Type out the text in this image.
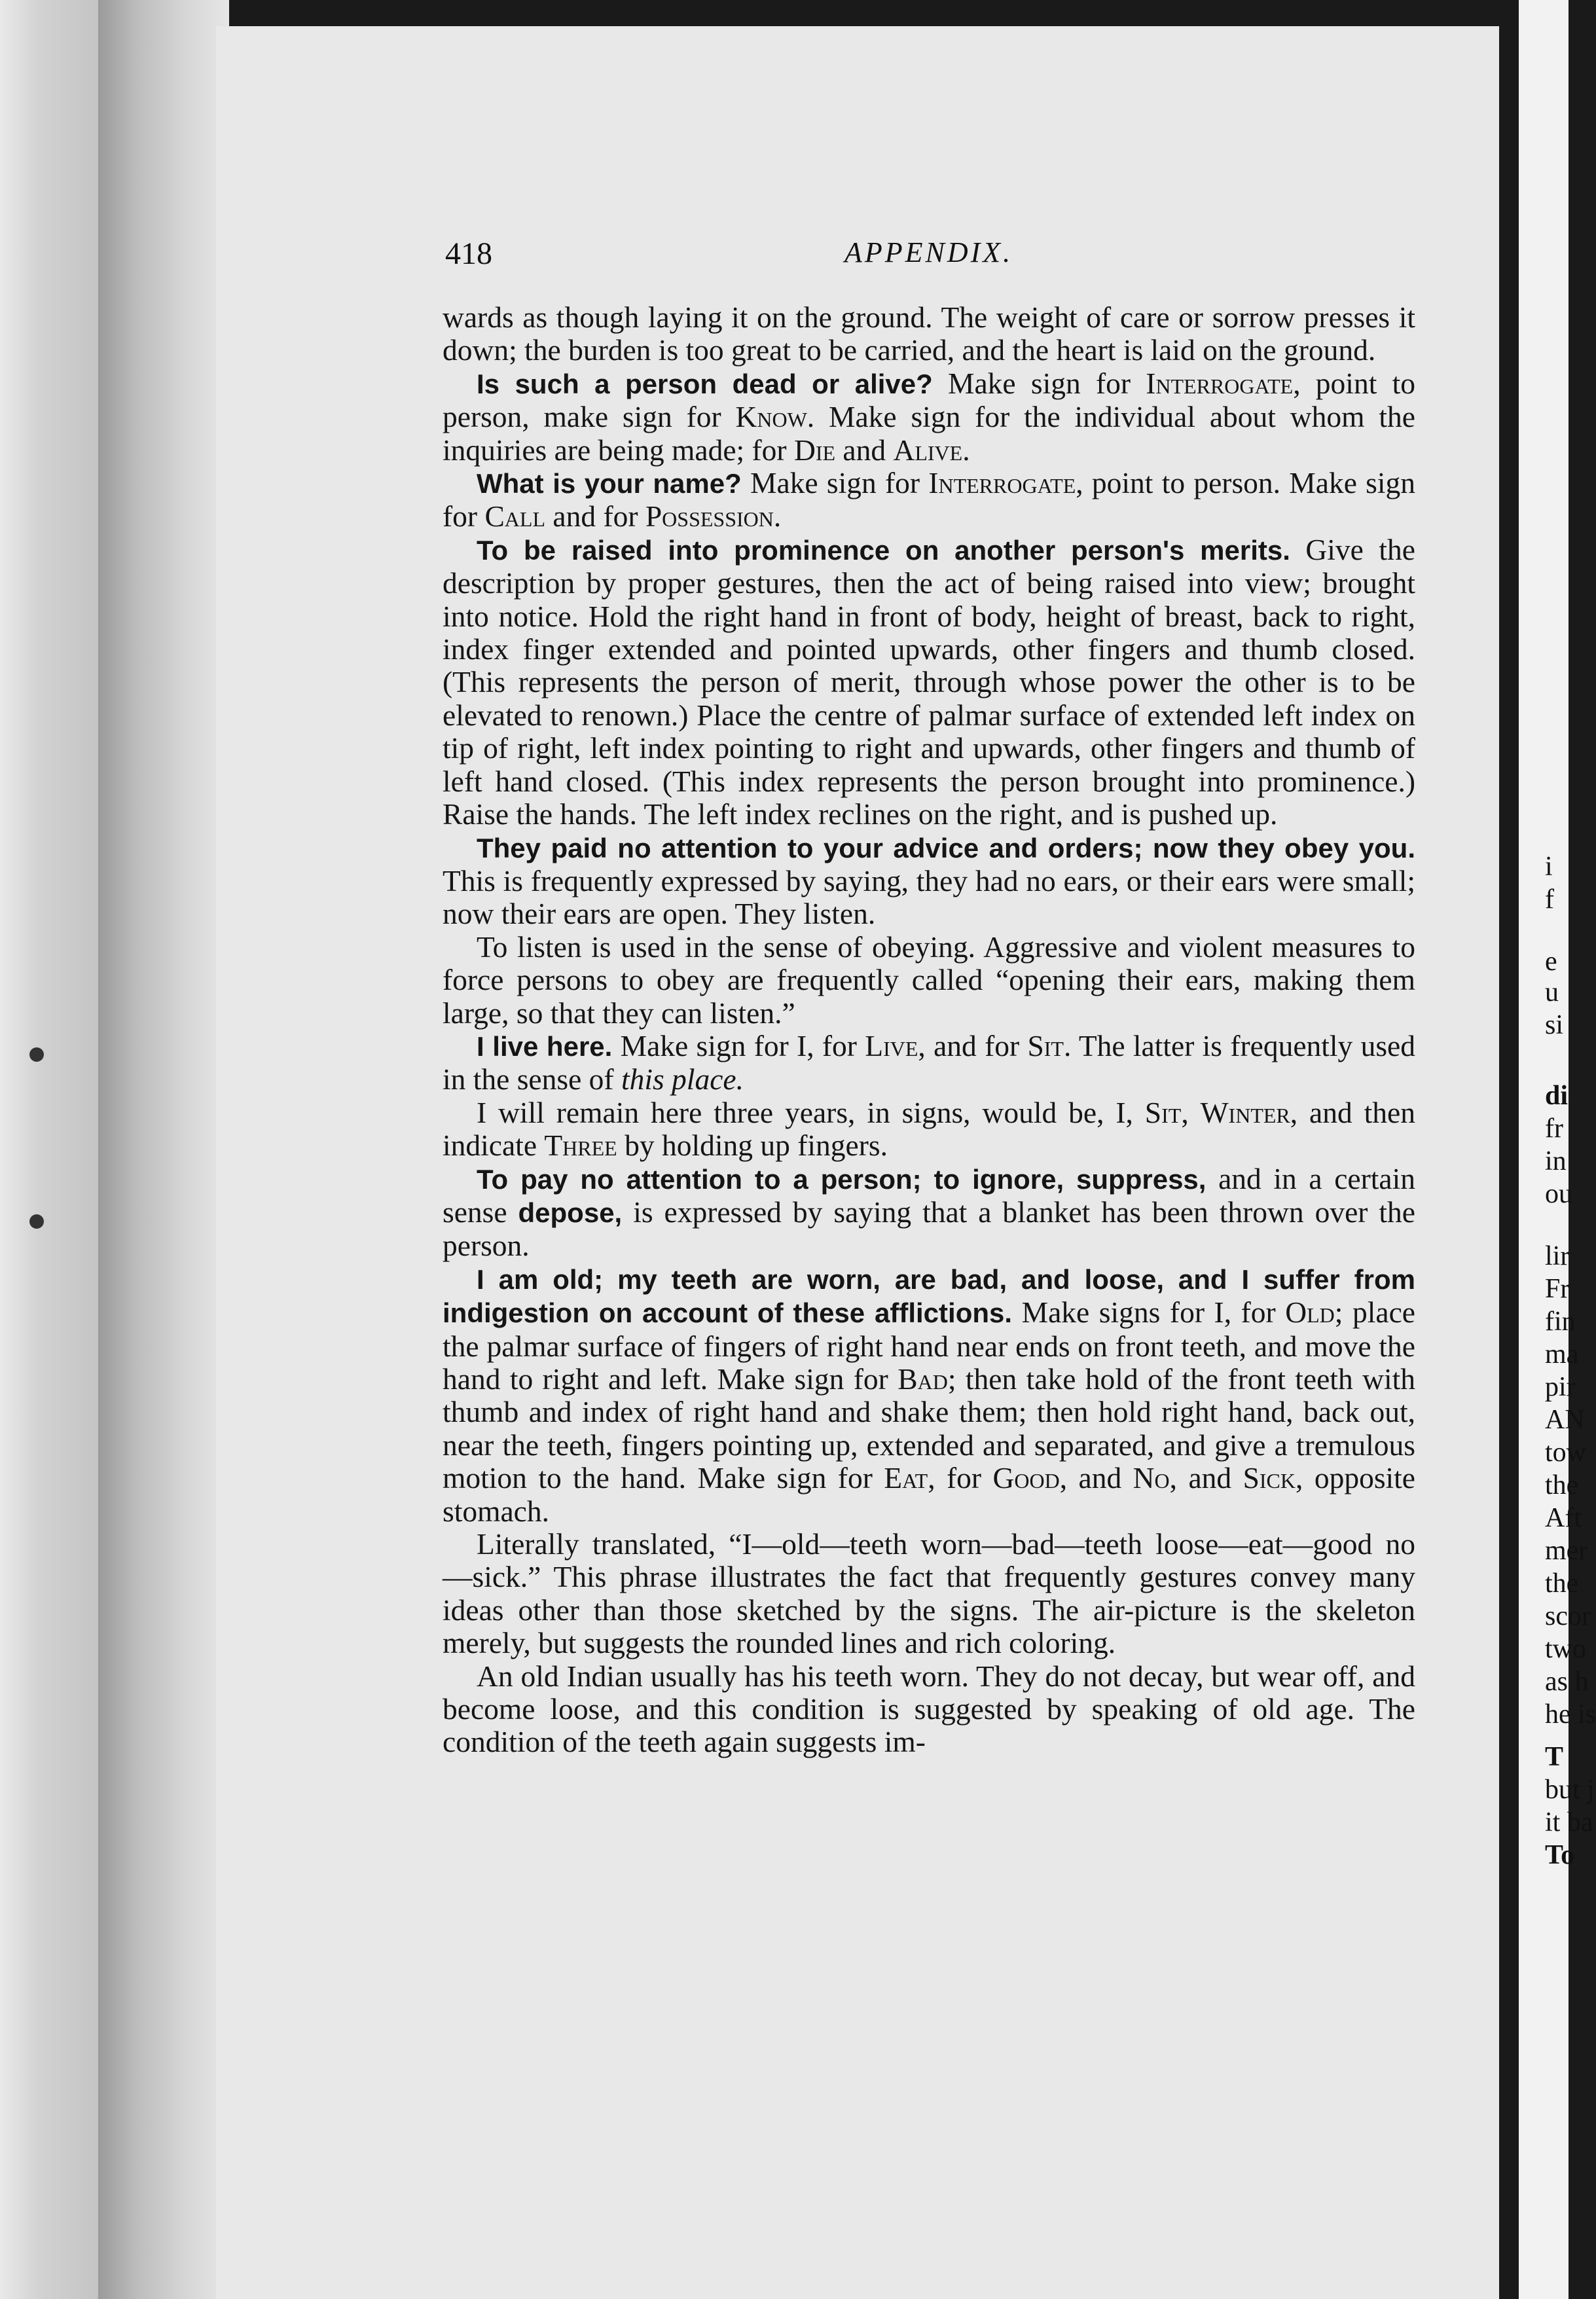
418	APPENDIX.

wards as though laying it on the ground. The weight of care or sorrow presses it down; the burden is too great to be carried, and the heart is laid on the ground.

Is such a person dead or alive? Make sign for Interrogate, point to person, make sign for Know. Make sign for the individual about whom the inquiries are being made; for Die and Alive.

What is your name? Make sign for Interrogate, point to person. Make sign for Call and for Possession.

To be raised into prominence on another person's merits. Give the description by proper gestures, then the act of being raised into view; brought into notice. Hold the right hand in front of body, height of breast, back to right, index finger extended and pointed upwards, other fingers and thumb closed. (This represents the person of merit, through whose power the other is to be elevated to renown.) Place the centre of palmar surface of extended left index on tip of right, left index pointing to right and upwards, other fingers and thumb of left hand closed. (This index represents the person brought into prominence.) Raise the hands. The left index reclines on the right, and is pushed up.

They paid no attention to your advice and orders; now they obey you. This is frequently expressed by saying, they had no ears, or their ears were small; now their ears are open. They listen.

To listen is used in the sense of obeying. Aggressive and violent measures to force persons to obey are frequently called “opening their ears, making them large, so that they can listen.”

I live here. Make sign for I, for Live, and for Sit. The latter is frequently used in the sense of this place.

I will remain here three years, in signs, would be, I, Sit, Winter, and then indicate Three by holding up fingers.

To pay no attention to a person; to ignore, suppress, and in a certain sense depose, is expressed by saying that a blanket has been thrown over the person.

I am old; my teeth are worn, are bad, and loose, and I suffer from indigestion on account of these afflictions. Make signs for I, for Old; place the palmar surface of fingers of right hand near ends on front teeth, and move the hand to right and left. Make sign for Bad; then take hold of the front teeth with thumb and index of right hand and shake them; then hold right hand, back out, near the teeth, fingers pointing up, extended and separated, and give a tremulous motion to the hand. Make sign for Eat, for Good, and No, and Sick, opposite stomach.

Literally translated, “I—old—teeth worn—bad—teeth loose—eat—good no—sick.” This phrase illustrates the fact that frequently gestures convey many ideas other than those sketched by the signs. The air-picture is the skeleton merely, but suggests the rounded lines and rich coloring.

An old Indian usually has his teeth worn. They do not decay, but wear off, and become loose, and this condition is suggested by speaking of old age. The condition of the teeth again suggests im-

i
f
e
u
si
di
fr
in
ou
lir
Fr
fin
ma
pir
AN
tow
the
Aft
mer
the
scor
two
as h
he is
T
but j
it ba
To
